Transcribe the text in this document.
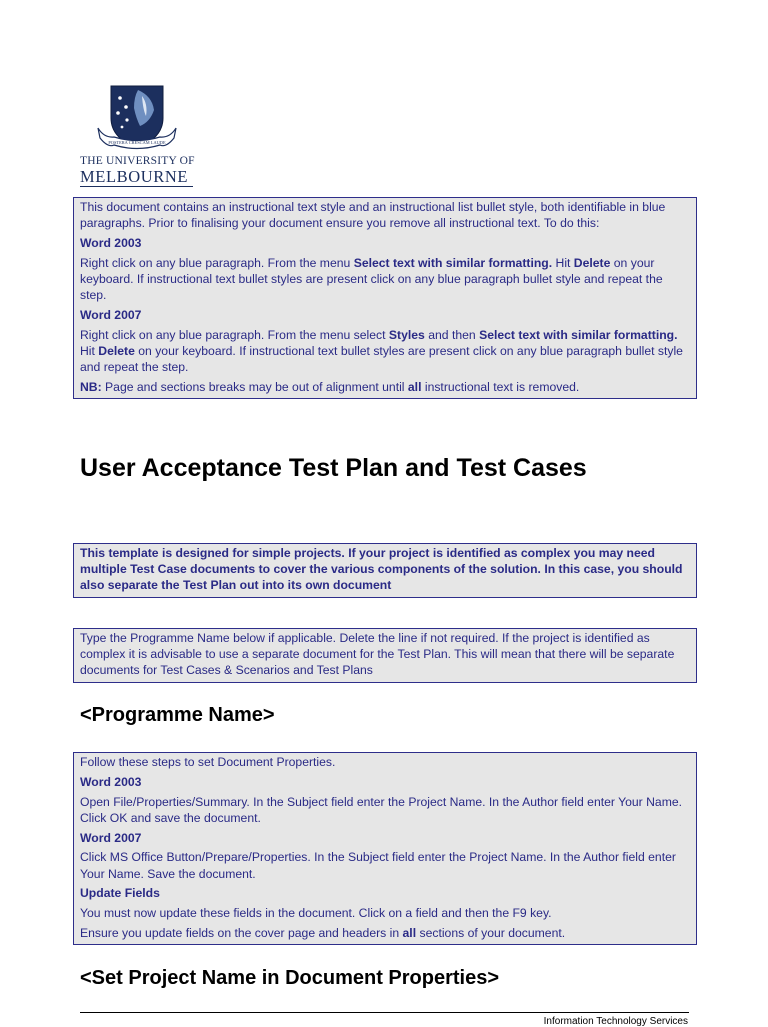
POSTERA CRESCAM LAUDE
THE UNIVERSITY OF
MELBOURNE

This document contains an instructional text style and an instructional list bullet style, both identifiable in blue paragraphs. Prior to finalising your document ensure you remove all instructional text. To do this:

Word 2003

Right click on any blue paragraph. From the menu Select text with similar formatting. Hit Delete on your keyboard. If instructional text bullet styles are present click on any blue paragraph bullet style and repeat the step.

Word 2007

Right click on any blue paragraph. From the menu select Styles and then Select text with similar formatting. Hit Delete on your keyboard. If instructional text bullet styles are present click on any blue paragraph bullet style and repeat the step.

NB: Page and sections breaks may be out of alignment until all instructional text is removed.

User Acceptance Test Plan and Test Cases

This template is designed for simple projects. If your project is identified as complex you may need multiple Test Case documents to cover the various components of the solution. In this case, you should also separate the Test Plan out into its own document

Type the Programme Name below if applicable. Delete the line if not required. If the project is identified as complex it is advisable to use a separate document for the Test Plan. This will mean that there will be separate documents for Test Cases & Scenarios and Test Plans

<Programme Name>

Follow these steps to set Document Properties.

Word 2003

Open File/Properties/Summary. In the Subject field enter the Project Name. In the Author field enter Your Name. Click OK and save the document.

Word 2007

Click MS Office Button/Prepare/Properties. In the Subject field enter the Project Name. In the Author field enter Your Name. Save the document.

Update Fields

You must now update these fields in the document. Click on a field and then the F9 key.

Ensure you update fields on the cover page and headers in all sections of your document.

<Set Project Name in Document Properties>
Information Technology Services
